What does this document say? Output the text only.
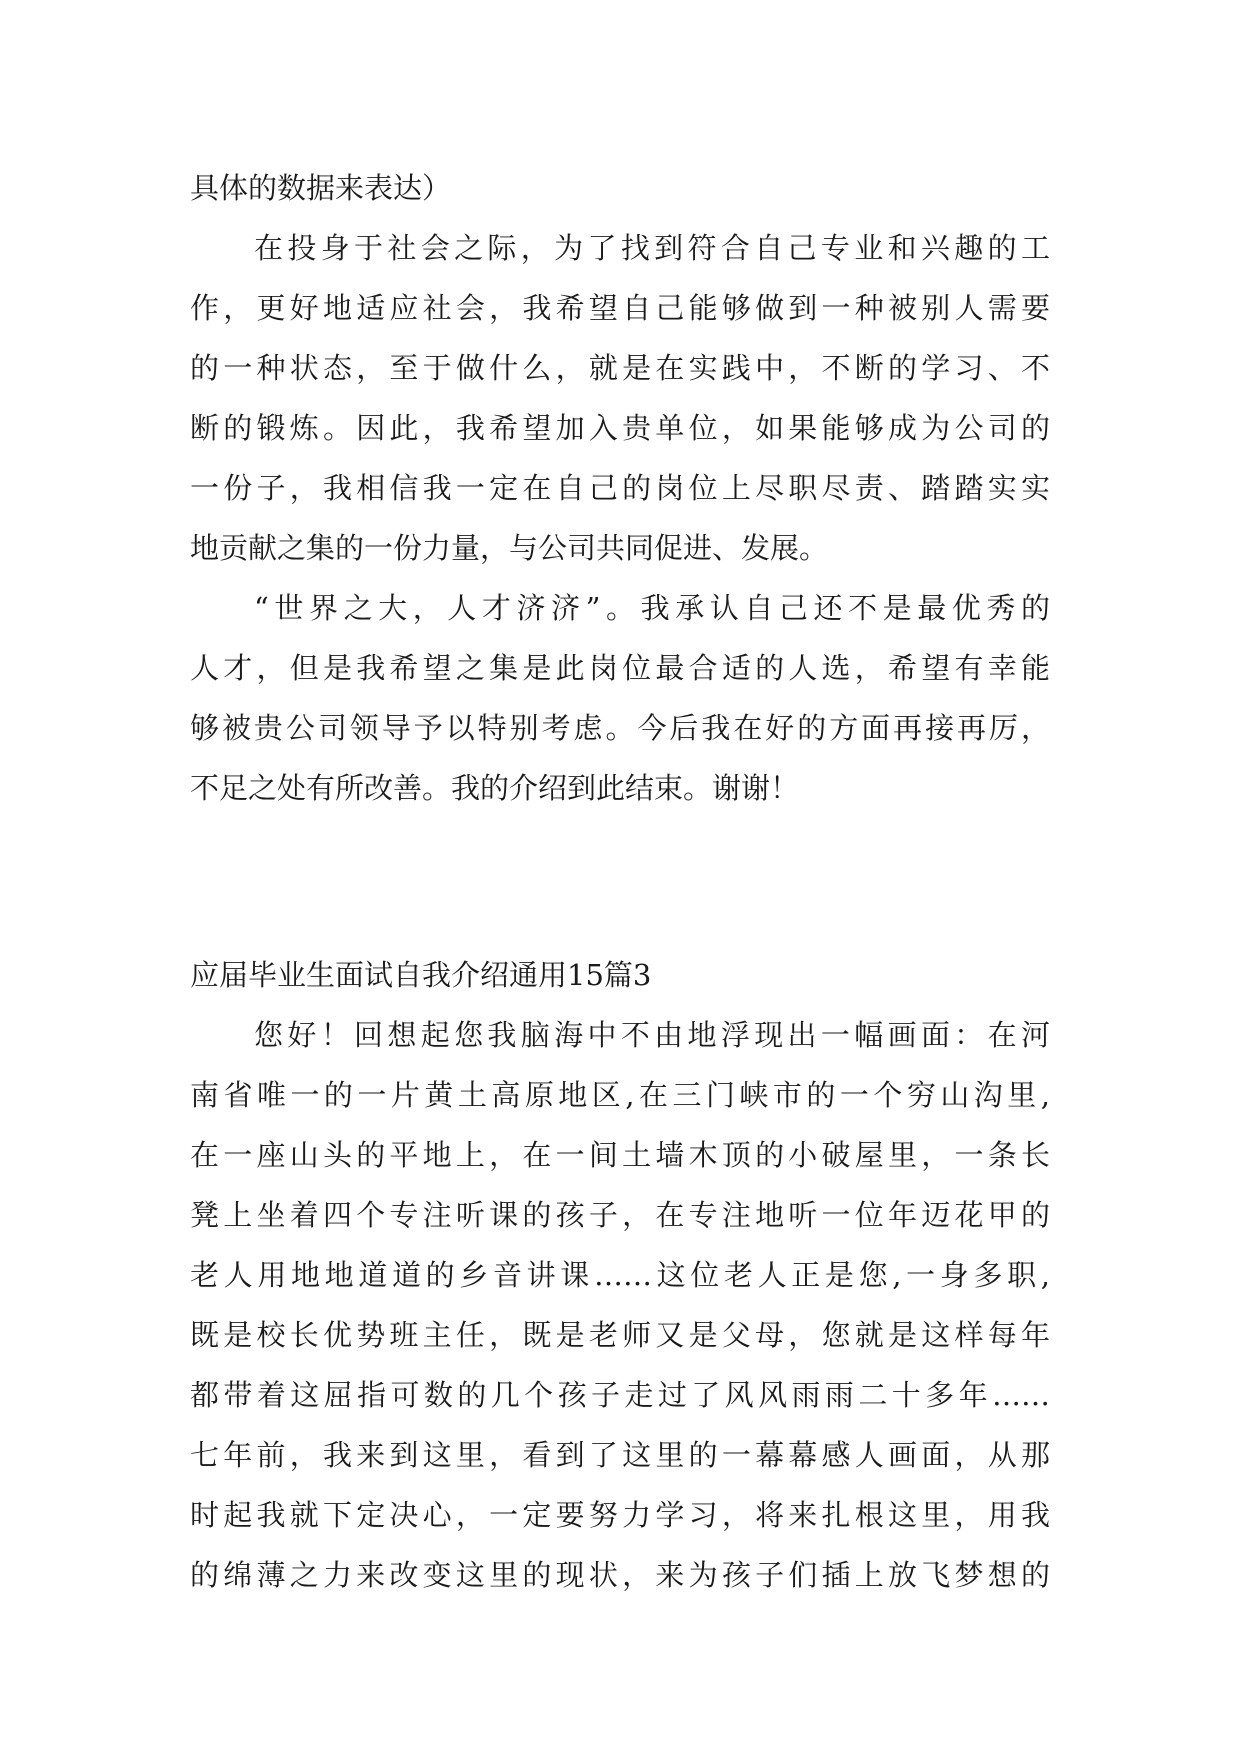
具体的数据来表达）
在投身于社会之际，为了找到符合自己专业和兴趣的工
作，更好地适应社会，我希望自己能够做到一种被别人需要
的一种状态，至于做什么，就是在实践中，不断的学习、不
断的锻炼。因此，我希望加入贵单位，如果能够成为公司的
一份子，我相信我一定在自己的岗位上尽职尽责、踏踏实实
地贡献之集的一份力量，与公司共同促进、发展。
“世界之大，人才济济”。我承认自己还不是最优秀的
人才，但是我希望之集是此岗位最合适的人选，希望有幸能
够被贵公司领导予以特别考虑。今后我在好的方面再接再厉，
不足之处有所改善。我的介绍到此结束。谢谢！
应届毕业生面试自我介绍通用15篇3
您好！回想起您我脑海中不由地浮现出一幅画面：在河
南省唯一的一片黄土高原地区,在三门峡市的一个穷山沟里,
在一座山头的平地上，在一间土墙木顶的小破屋里，一条长
凳上坐着四个专注听课的孩子，在专注地听一位年迈花甲的
老人用地地道道的乡音讲课……这位老人正是您,一身多职,
既是校长优势班主任，既是老师又是父母，您就是这样每年
都带着这屈指可数的几个孩子走过了风风雨雨二十多年……
七年前，我来到这里，看到了这里的一幕幕感人画面，从那
时起我就下定决心，一定要努力学习，将来扎根这里，用我
的绵薄之力来改变这里的现状，来为孩子们插上放飞梦想的
